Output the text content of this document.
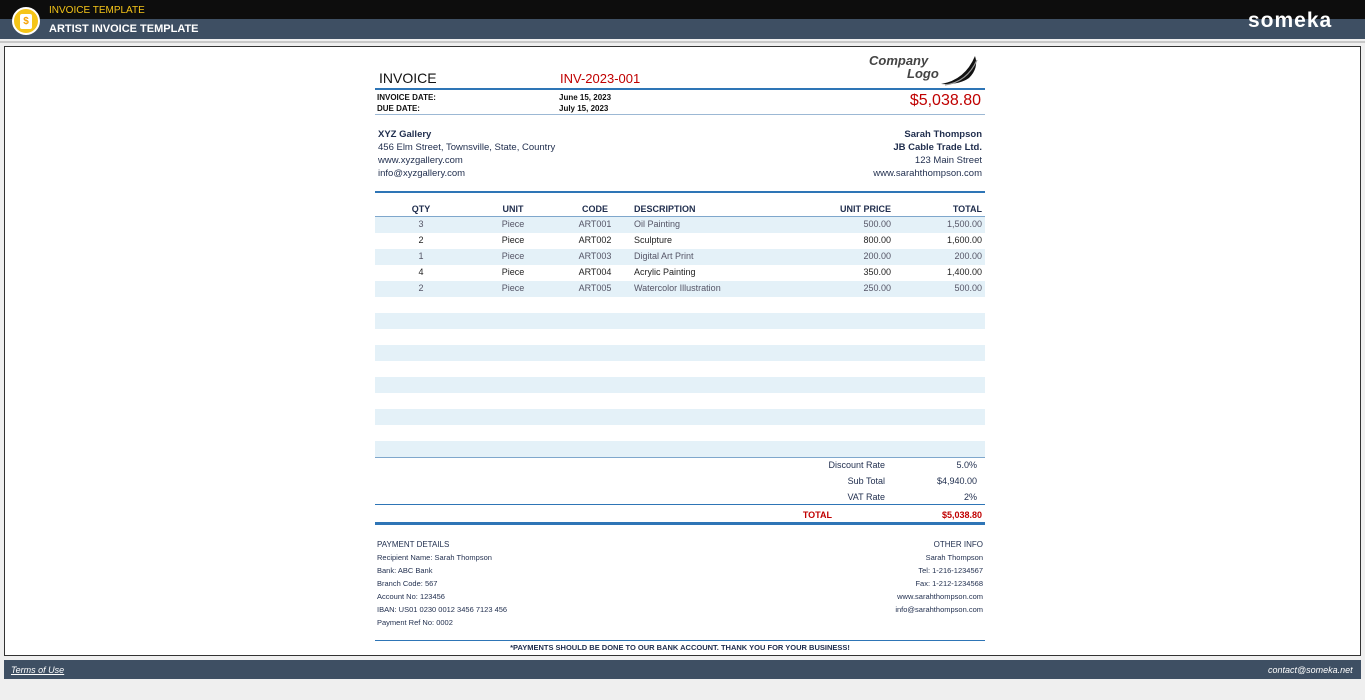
$
INVOICE TEMPLATE
ARTIST INVOICE TEMPLATE	someka
INVOICE	INV-2023-001
Company
Logo
INVOICE DATE:	June 15, 2023
DUE DATE:	July 15, 2023	$5,038.80
XYZ Gallery
456 Elm Street, Townsville, State, Country
www.xyzgallery.com
info@xyzgallery.com
Sarah Thompson
JB Cable Trade Ltd.
123 Main Street
www.sarahthompson.com
QTY	UNIT	CODE	DESCRIPTION	UNIT PRICE	TOTAL
3	Piece	ART001	Oil Painting	500.00	1,500.00
2	Piece	ART002	Sculpture	800.00	1,600.00
1	Piece	ART003	Digital Art Print	200.00	200.00
4	Piece	ART004	Acrylic Painting	350.00	1,400.00
2	Piece	ART005	Watercolor Illustration	250.00	500.00
Discount Rate	5.0%
Sub Total	$4,940.00
VAT Rate	2%
TOTAL	$5,038.80
PAYMENT DETAILS
Recipient Name: Sarah Thompson
Bank: ABC Bank
Branch Code: 567
Account No: 123456
IBAN: US01 0230 0012 3456 7123 456
Payment Ref No: 0002
OTHER INFO
Sarah Thompson
Tel: 1-216-1234567
Fax: 1-212-1234568
www.sarahthompson.com
info@sarahthompson.com
*PAYMENTS SHOULD BE DONE TO OUR BANK ACCOUNT. THANK YOU FOR YOUR BUSINESS!
Terms of Use	contact@someka.net
